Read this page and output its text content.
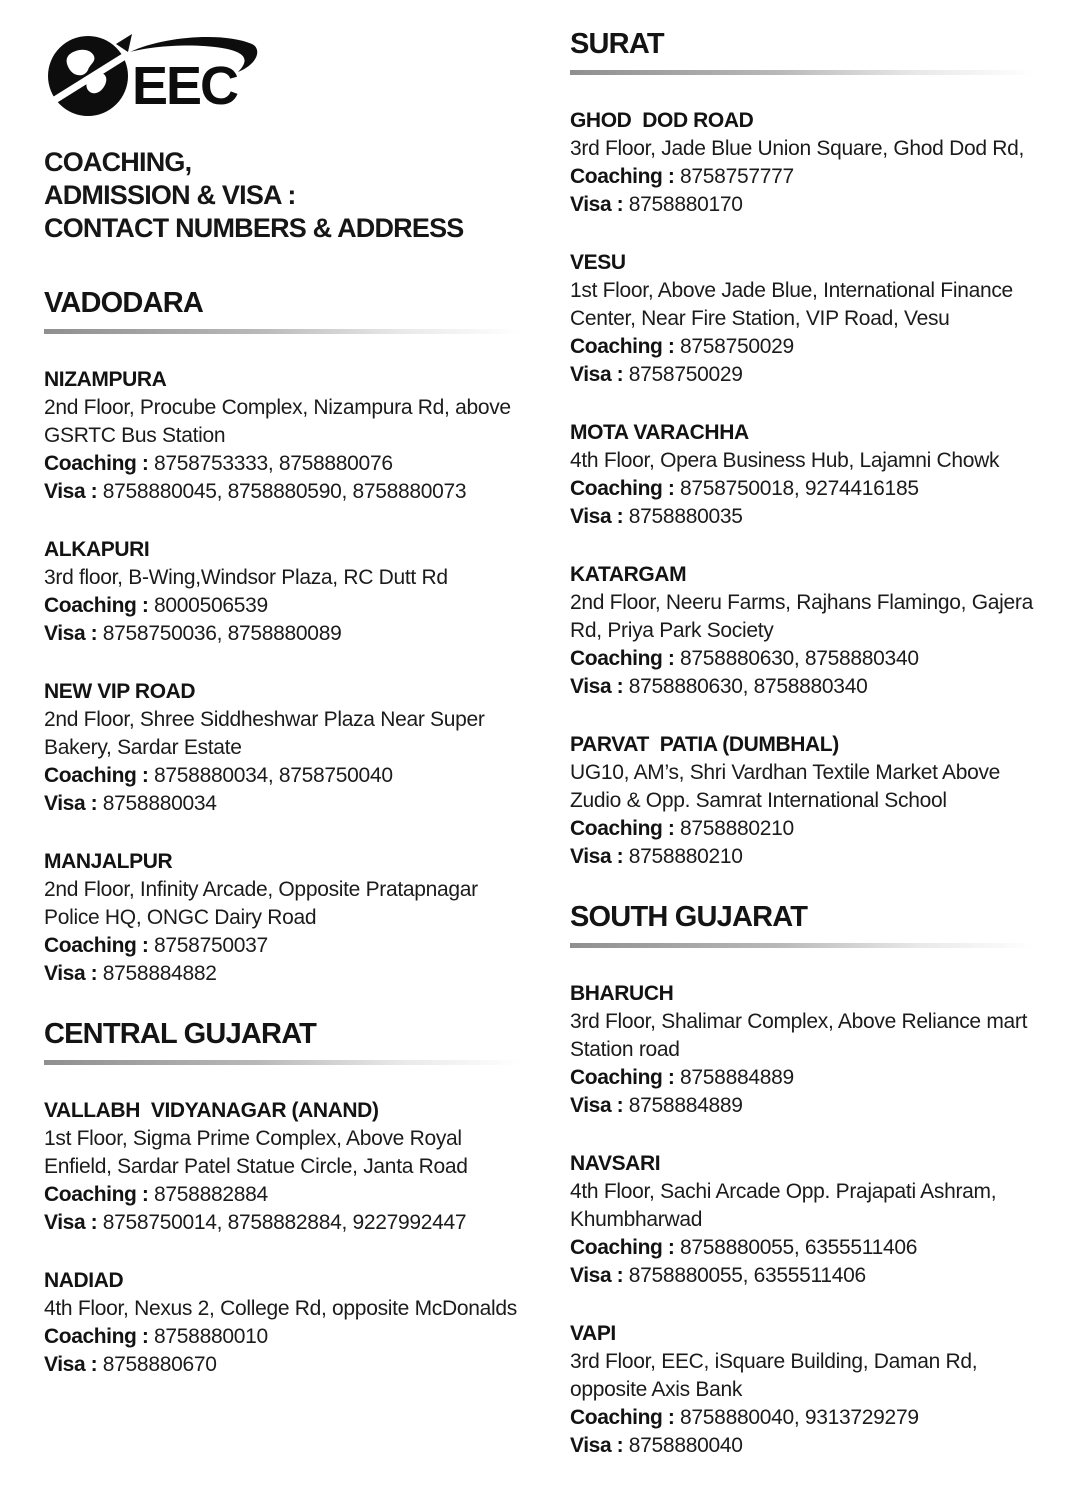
EEC
COACHING,
ADMISSION & VISA :
CONTACT NUMBERS & ADDRESS
VADODARA
NIZAMPURA
2nd Floor, Procube Complex, Nizampura Rd, above GSRTC Bus Station
Coaching : 8758753333, 8758880076
Visa : 8758880045, 8758880590, 8758880073
ALKAPURI
3rd floor, B-Wing,Windsor Plaza, RC Dutt Rd
Coaching : 8000506539
Visa : 8758750036, 8758880089
NEW VIP ROAD
2nd Floor, Shree Siddheshwar Plaza Near Super Bakery, Sardar Estate
Coaching : 8758880034, 8758750040
Visa : 8758880034
MANJALPUR
2nd Floor, Infinity Arcade, Opposite Pratapnagar Police HQ, ONGC Dairy Road
Coaching : 8758750037
Visa : 8758884882
CENTRAL GUJARAT
VALLABH  VIDYANAGAR (ANAND)
1st Floor, Sigma Prime Complex, Above Royal Enfield, Sardar Patel Statue Circle, Janta Road
Coaching : 8758882884
Visa : 8758750014, 8758882884, 9227992447
NADIAD
4th Floor, Nexus 2, College Rd, opposite McDonalds
Coaching : 8758880010
Visa : 8758880670
SURAT
GHOD  DOD ROAD
3rd Floor, Jade Blue Union Square, Ghod Dod Rd,
Coaching : 8758757777
Visa : 8758880170
VESU
1st Floor, Above Jade Blue, International Finance Center, Near Fire Station, VIP Road, Vesu
Coaching : 8758750029
Visa : 8758750029
MOTA VARACHHA
4th Floor, Opera Business Hub, Lajamni Chowk
Coaching : 8758750018, 9274416185
Visa : 8758880035
KATARGAM
2nd Floor, Neeru Farms, Rajhans Flamingo, Gajera Rd, Priya Park Society
Coaching : 8758880630, 8758880340
Visa : 8758880630, 8758880340
PARVAT  PATIA (DUMBHAL)
UG10, AM’s, Shri Vardhan Textile Market Above Zudio & Opp. Samrat International School
Coaching : 8758880210
Visa : 8758880210
SOUTH GUJARAT
BHARUCH
3rd Floor, Shalimar Complex, Above Reliance mart Station road
Coaching : 8758884889
Visa : 8758884889
NAVSARI
4th Floor, Sachi Arcade Opp. Prajapati Ashram, Khumbharwad
Coaching : 8758880055, 6355511406
Visa : 8758880055, 6355511406
VAPI
3rd Floor, EEC, iSquare Building, Daman Rd, opposite Axis Bank
Coaching : 8758880040, 9313729279
Visa : 8758880040
